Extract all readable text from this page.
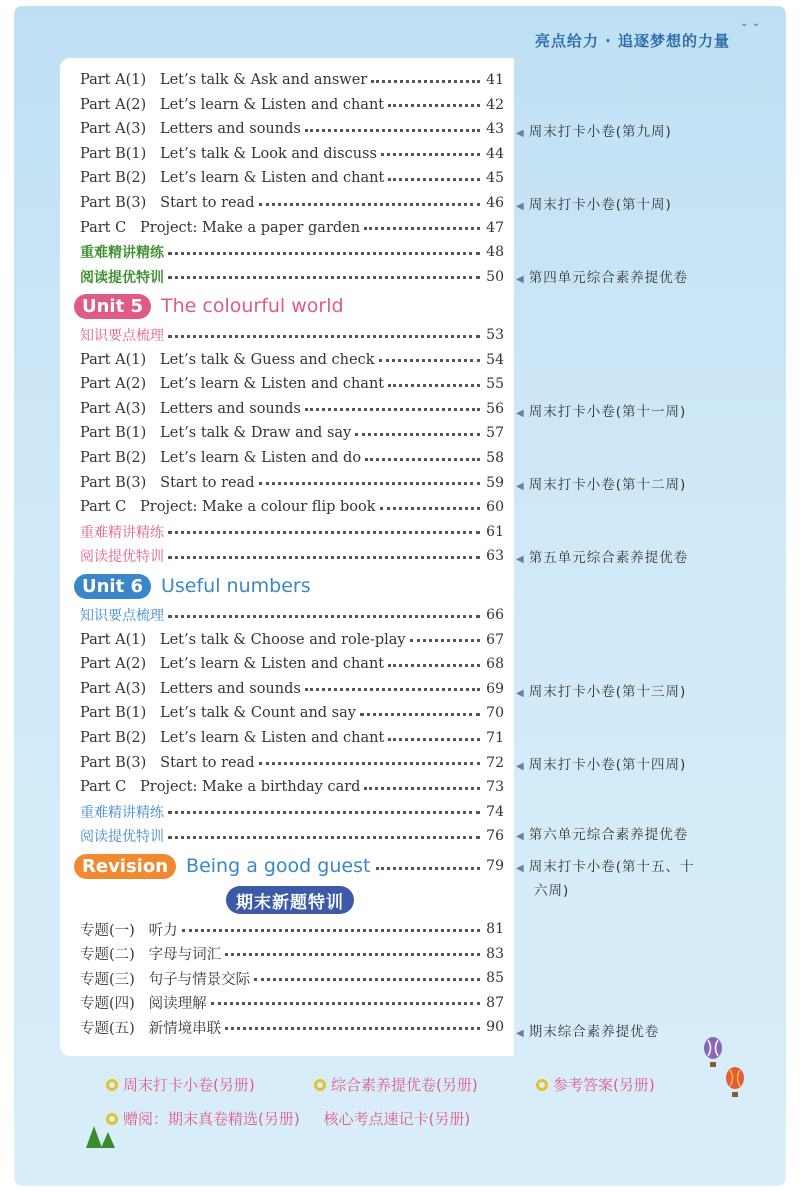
⌄ ⌄
亮点给力 · 追逐梦想的力量
Part A(1)   Let’s talk & Ask and answer	41
Part A(2)   Let’s learn & Listen and chant	42
Part A(3)   Letters and sounds	43
Part B(1)   Let’s talk & Look and discuss	44
Part B(2)   Let’s learn & Listen and chant	45
Part B(3)   Start to read	46
Part C   Project: Make a paper garden	47
重难精讲精练	48
阅读提优特训	50
知识要点梳理	53
Part A(1)   Let’s talk & Guess and check	54
Part A(2)   Let’s learn & Listen and chant	55
Part A(3)   Letters and sounds	56
Part B(1)   Let’s talk & Draw and say	57
Part B(2)   Let’s learn & Listen and do	58
Part B(3)   Start to read	59
Part C   Project: Make a colour flip book	60
重难精讲精练	61
阅读提优特训	63
知识要点梳理	66
Part A(1)   Let’s talk & Choose and role-play	67
Part A(2)   Let’s learn & Listen and chant	68
Part A(3)   Letters and sounds	69
Part B(1)   Let’s talk & Count and say	70
Part B(2)   Let’s learn & Listen and chant	71
Part B(3)   Start to read	72
Part C   Project: Make a birthday card	73
重难精讲精练	74
阅读提优特训	76
专题(一)   听力	81
专题(二)   字母与词汇	83
专题(三)   句子与情景交际	85
专题(四)   阅读理解	87
专题(五)   新情境串联	90
Unit 5 The colourful world
Unit 6 Useful numbers
Revision Being a good guest	79
期末新题特训
◀ 周末打卡小卷(第九周)
◀ 周末打卡小卷(第十周)
◀ 第四单元综合素养提优卷
◀ 周末打卡小卷(第十一周)
◀ 周末打卡小卷(第十二周)
◀ 第五单元综合素养提优卷
◀ 周末打卡小卷(第十三周)
◀ 周末打卡小卷(第十四周)
◀ 第六单元综合素养提优卷
◀ 周末打卡小卷(第十五、十
六周)
◀ 期末综合素养提优卷
周末打卡小卷(另册)	综合素养提优卷(另册)	参考答案(另册)
赠阅：期末真卷精选(另册)     核心考点速记卡(另册)
